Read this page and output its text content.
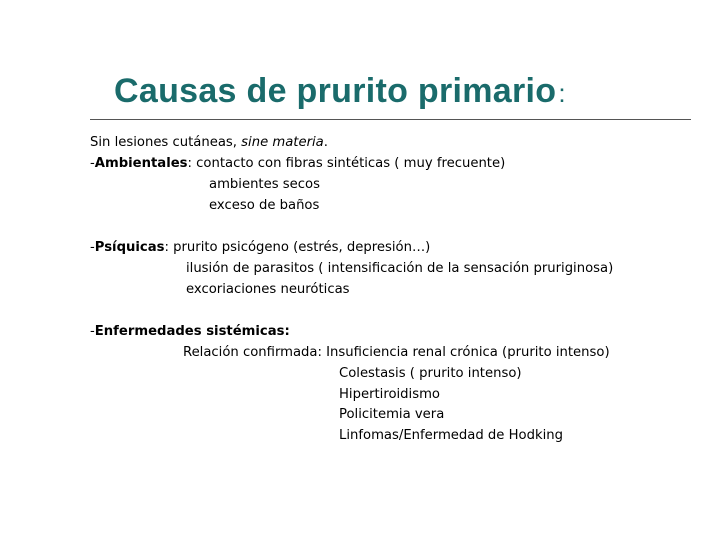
Causas de prurito primario:
Sin lesiones cutáneas, sine materia.
-Ambientales: contacto con fibras sintéticas ( muy frecuente)
ambientes secos
exceso de baños
-Psíquicas: prurito psicógeno (estrés, depresión…)
ilusión de parasitos ( intensificación de la sensación pruriginosa)
excoriaciones neuróticas
-Enfermedades sistémicas:
Relación confirmada: Insuficiencia renal crónica (prurito intenso)
Colestasis ( prurito intenso)
Hipertiroidismo
Policitemia vera
Linfomas/Enfermedad de Hodking
